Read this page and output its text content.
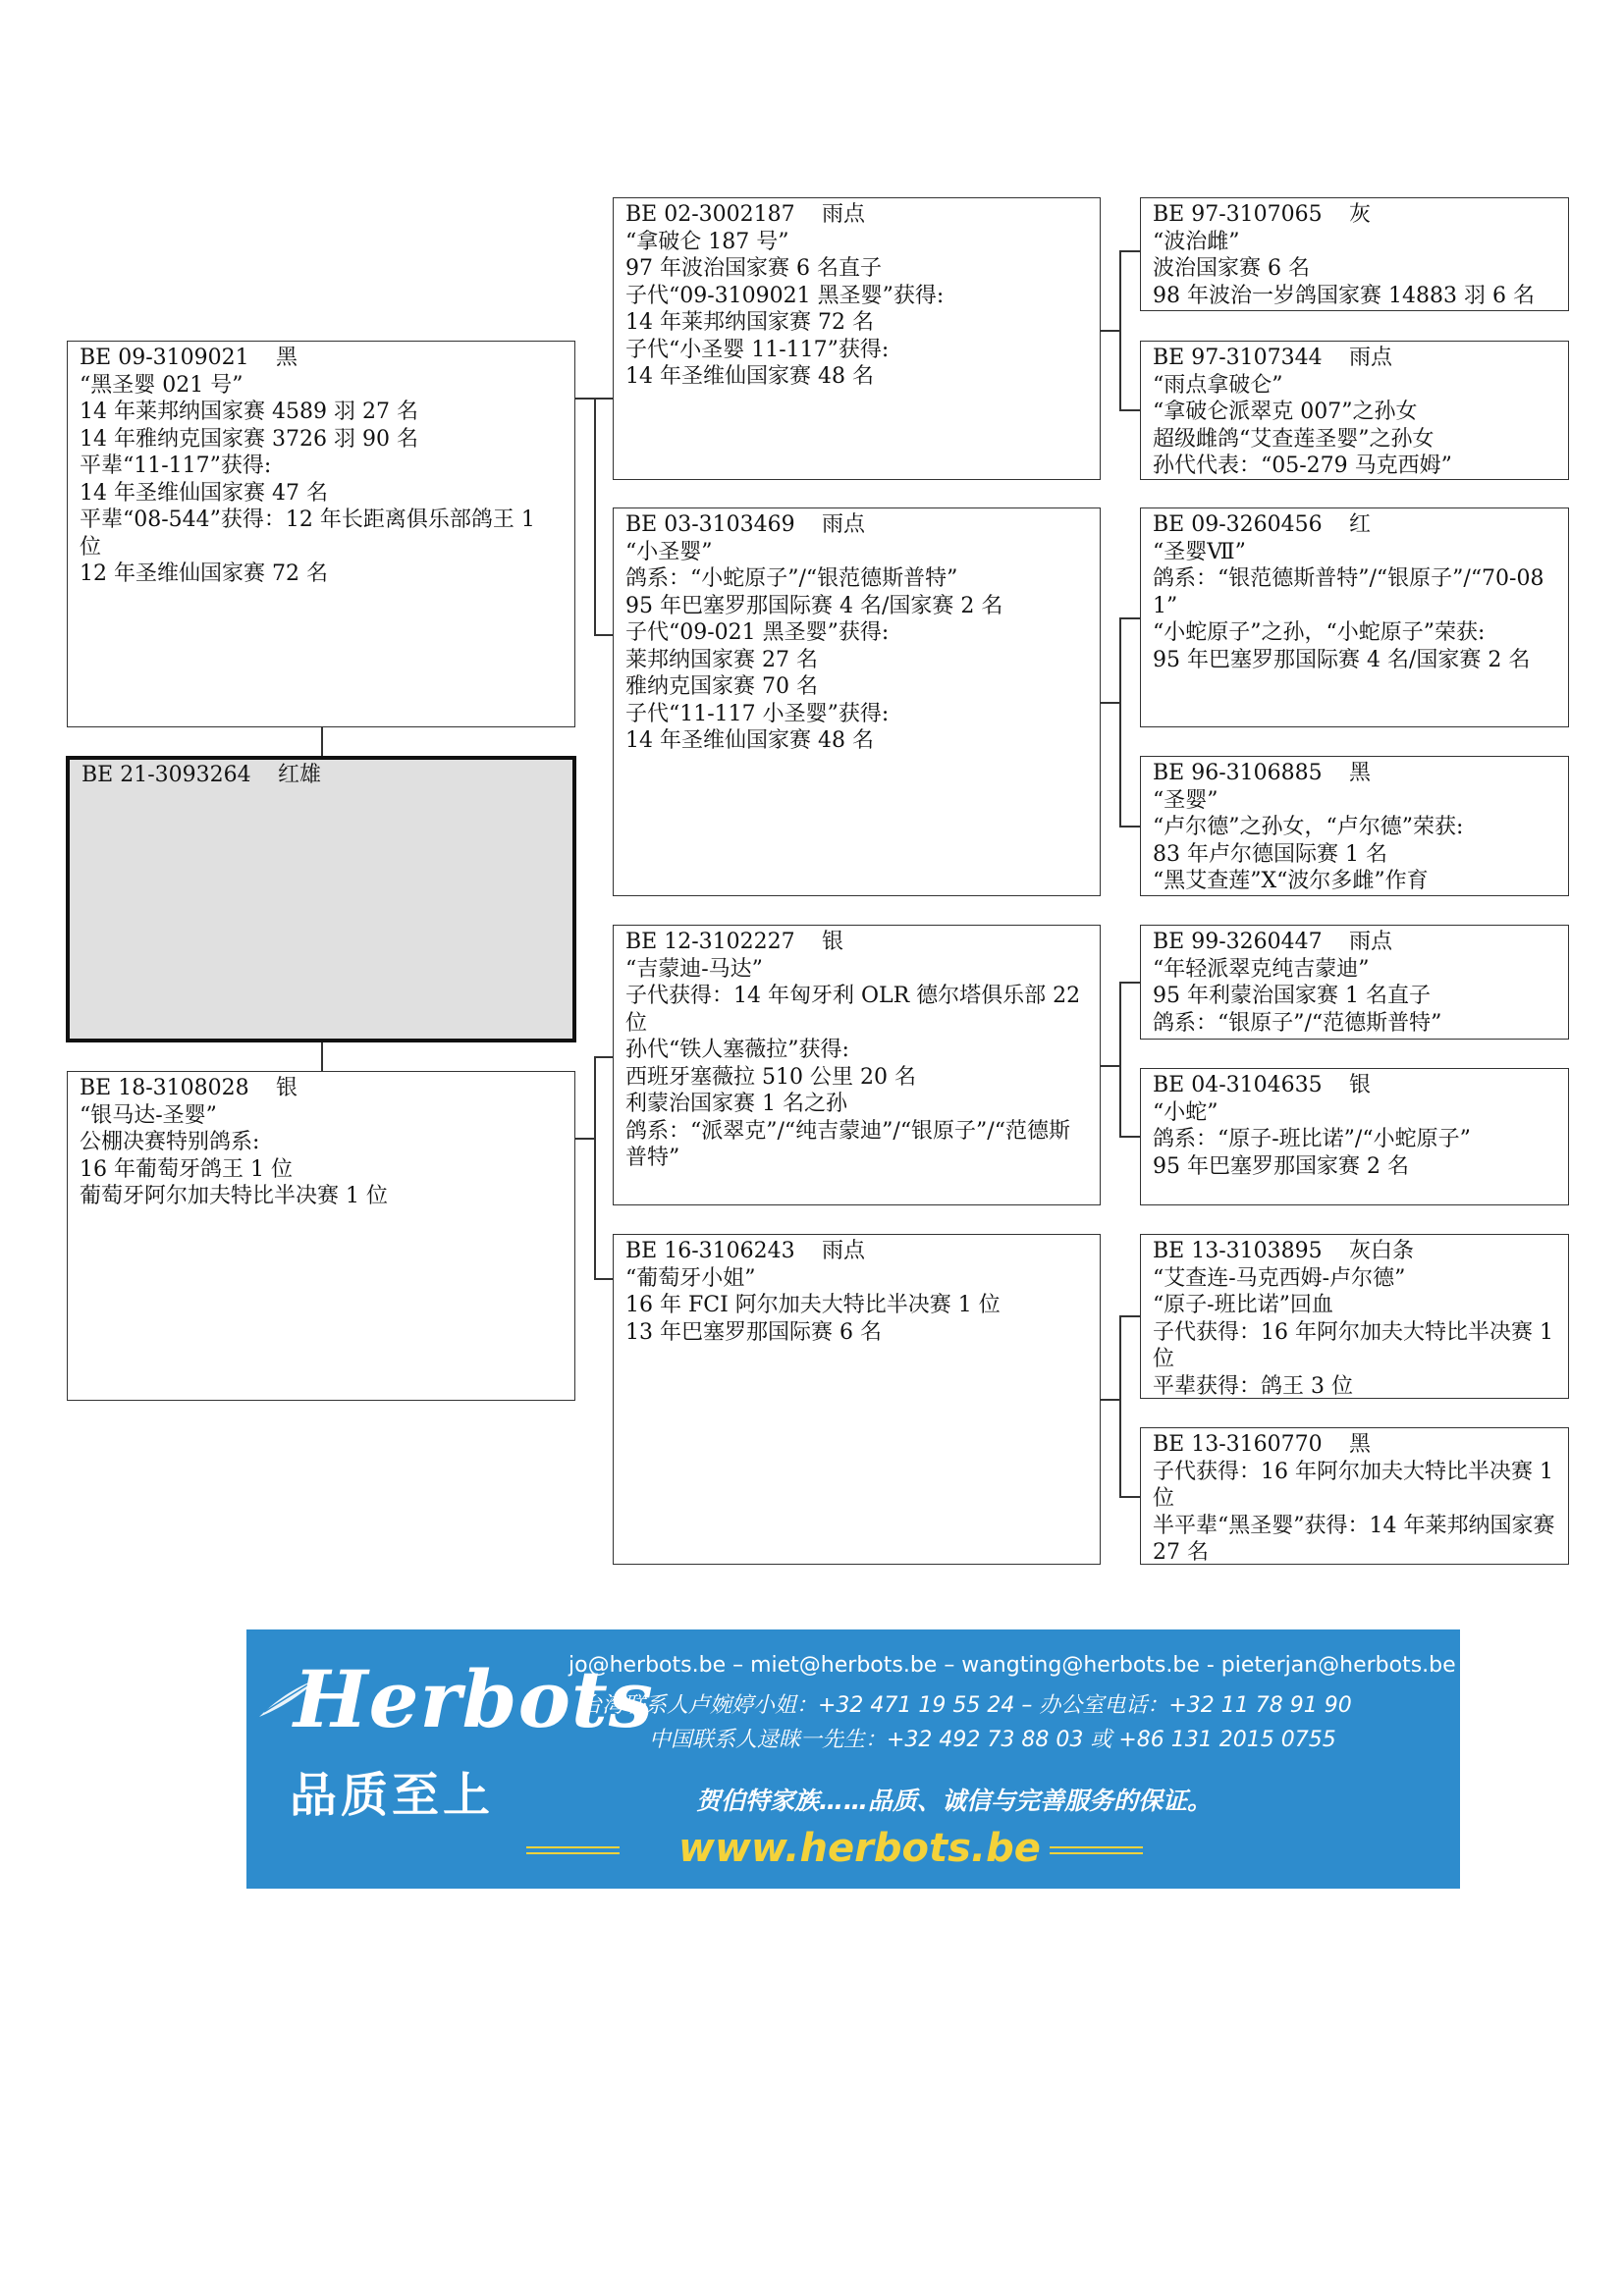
BE 09-3109021 黑
“黑圣婴 021 号”
14 年莱邦纳国家赛 4589 羽 27 名
14 年雅纳克国家赛 3726 羽 90 名
平辈“11-117”获得:
14 年圣维仙国家赛 47 名
平辈“08-544”获得：12 年长距离俱乐部鸽王 1 位
12 年圣维仙国家赛 72 名
BE 21-3093264 红雄
BE 18-3108028 银
“银马达-圣婴”
公棚决赛特别鸽系:
16 年葡萄牙鸽王 1 位
葡萄牙阿尔加夫特比半决赛 1 位
BE 02-3002187 雨点
“拿破仑 187 号”
97 年波治国家赛 6 名直子
子代“09-3109021 黑圣婴”获得:
14 年莱邦纳国家赛 72 名
子代“小圣婴 11-117”获得:
14 年圣维仙国家赛 48 名
BE 03-3103469 雨点
“小圣婴”
鸽系：“小蛇原子”/“银范德斯普特”
95 年巴塞罗那国际赛 4 名/国家赛 2 名
子代“09-021 黑圣婴”获得:
莱邦纳国家赛 27 名
雅纳克国家赛 70 名
子代“11-117 小圣婴”获得:
14 年圣维仙国家赛 48 名
BE 12-3102227 银
“吉蒙迪-马达”
子代获得：14 年匈牙利 OLR 德尔塔俱乐部 22 位
孙代“铁人塞薇拉”获得:
西班牙塞薇拉 510 公里 20 名
利蒙治国家赛 1 名之孙
鸽系：“派翠克”/“纯吉蒙迪”/“银原子”/“范德斯普特”
BE 16-3106243 雨点
“葡萄牙小姐”
16 年 FCI 阿尔加夫大特比半决赛 1 位
13 年巴塞罗那国际赛 6 名
BE 97-3107065 灰
“波治雌”
波治国家赛 6 名
98 年波治一岁鸽国家赛 14883 羽 6 名
BE 97-3107344 雨点
“雨点拿破仑”
“拿破仑派翠克 007”之孙女
超级雌鸽“艾查莲圣婴”之孙女
孙代代表：“05-279 马克西姆”
BE 09-3260456 红
“圣婴Ⅶ”
鸽系：“银范德斯普特”/“银原子”/“70-081”
“小蛇原子”之孙，“小蛇原子”荣获:
95 年巴塞罗那国际赛 4 名/国家赛 2 名
BE 96-3106885 黑
“圣婴”
“卢尔德”之孙女，“卢尔德”荣获:
83 年卢尔德国际赛 1 名
“黑艾查莲”X“波尔多雌”作育
BE 99-3260447 雨点
“年轻派翠克纯吉蒙迪”
95 年利蒙治国家赛 1 名直子
鸽系：“银原子”/“范德斯普特”
BE 04-3104635 银
“小蛇”
鸽系：“原子-班比诺”/“小蛇原子”
95 年巴塞罗那国家赛 2 名
BE 13-3103895 灰白条
“艾查连-马克西姆-卢尔德”
“原子-班比诺”回血
子代获得：16 年阿尔加夫大特比半决赛 1 位
平辈获得：鸽王 3 位
BE 13-3160770 黑
子代获得：16 年阿尔加夫大特比半决赛 1 位
半平辈“黑圣婴”获得：14 年莱邦纳国家赛 27 名
Herbots
品质至上
jo@herbots.be – miet@herbots.be – wangting@herbots.be - pieterjan@herbots.be
台湾联系人卢婉婷小姐：+32 471 19 55 24 – 办公室电话：+32 11 78 91 90
中国联系人逯睐一先生：+32 492 73 88 03 或 +86 131 2015 0755
贺伯特家族……品质、诚信与完善服务的保证。
www.herbots.be
